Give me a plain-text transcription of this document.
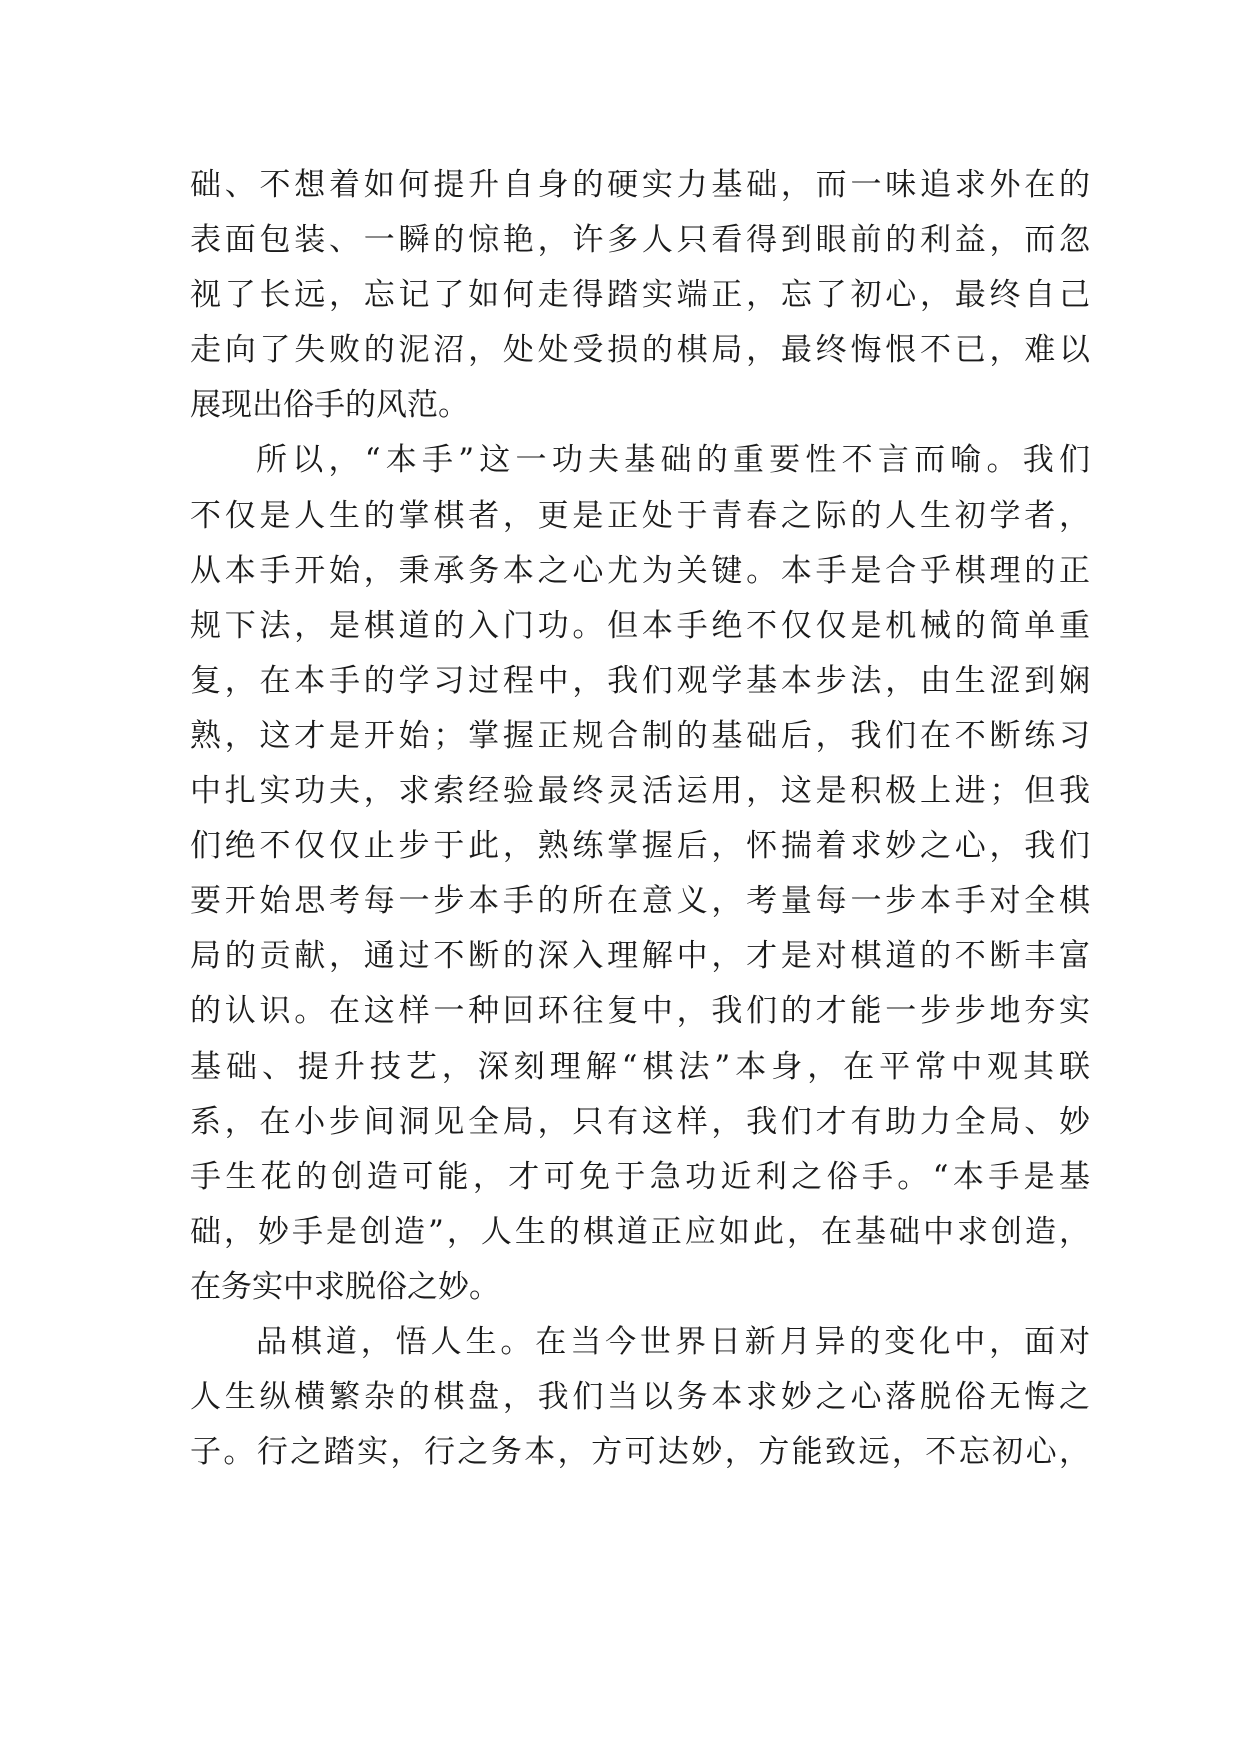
础、不想着如何提升自身的硬实力基础，而一味追求外在的
表面包装、一瞬的惊艳，许多人只看得到眼前的利益，而忽
视了长远，忘记了如何走得踏实端正，忘了初心，最终自己
走向了失败的泥沼，处处受损的棋局，最终悔恨不已，难以
展现出俗手的风范。
所以，“本手”这一功夫基础的重要性不言而喻。我们
不仅是人生的掌棋者，更是正处于青春之际的人生初学者，
从本手开始，秉承务本之心尤为关键。本手是合乎棋理的正
规下法，是棋道的入门功。但本手绝不仅仅是机械的简单重
复，在本手的学习过程中，我们观学基本步法，由生涩到娴
熟，这才是开始；掌握正规合制的基础后，我们在不断练习
中扎实功夫，求索经验最终灵活运用，这是积极上进；但我
们绝不仅仅止步于此，熟练掌握后，怀揣着求妙之心，我们
要开始思考每一步本手的所在意义，考量每一步本手对全棋
局的贡献，通过不断的深入理解中，才是对棋道的不断丰富
的认识。在这样一种回环往复中，我们的才能一步步地夯实
基础、提升技艺，深刻理解“棋法”本身，在平常中观其联
系，在小步间洞见全局，只有这样，我们才有助力全局、妙
手生花的创造可能，才可免于急功近利之俗手。“本手是基
础，妙手是创造”，人生的棋道正应如此，在基础中求创造，
在务实中求脱俗之妙。
品棋道，悟人生。在当今世界日新月异的变化中，面对
人生纵横繁杂的棋盘，我们当以务本求妙之心落脱俗无悔之
子。行之踏实，行之务本，方可达妙，方能致远，不忘初心，
